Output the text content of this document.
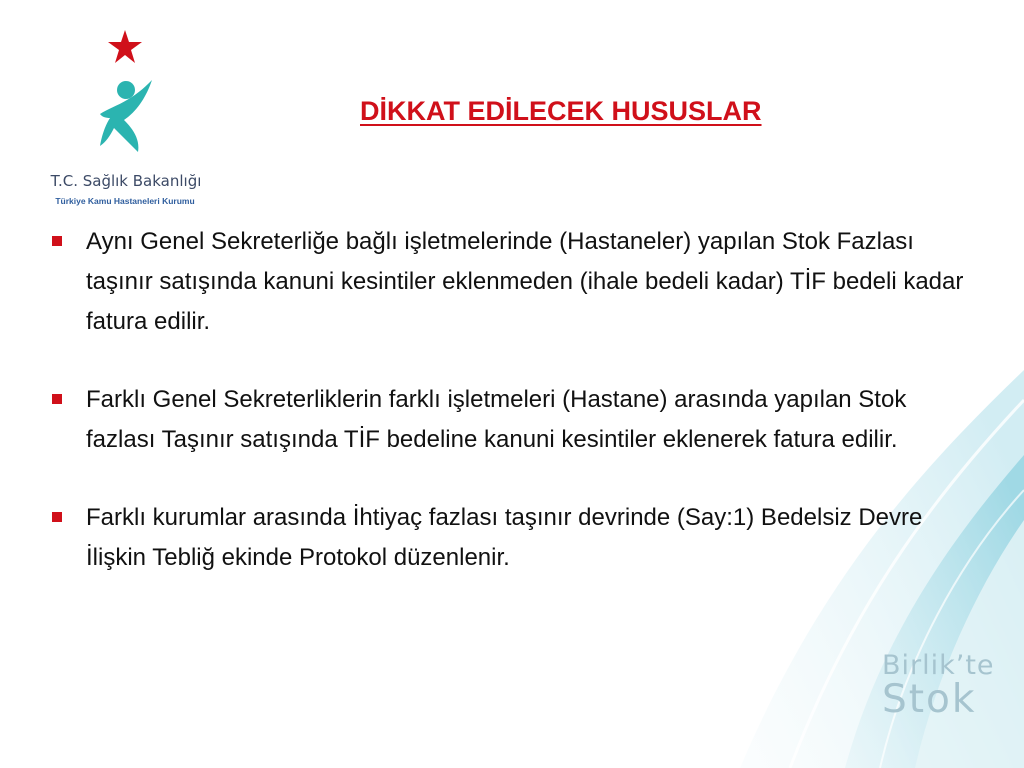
T.C. Sağlık Bakanlığı
Türkiye Kamu Hastaneleri Kurumu
DİKKAT EDİLECEK HUSUSLAR
Aynı Genel Sekreterliğe bağlı işletmelerinde (Hastaneler) yapılan Stok Fazlası taşınır satışında kanuni kesintiler eklenmeden (ihale bedeli kadar) TİF bedeli kadar fatura edilir.
Farklı Genel Sekreterliklerin farklı işletmeleri (Hastane) arasında yapılan Stok fazlası Taşınır satışında TİF bedeline kanuni kesintiler eklenerek fatura edilir.
Farklı kurumlar arasında İhtiyaç fazlası taşınır devrinde (Say:1) Bedelsiz Devre İlişkin Tebliğ ekinde Protokol düzenlenir.
Birlik’te
Stok
